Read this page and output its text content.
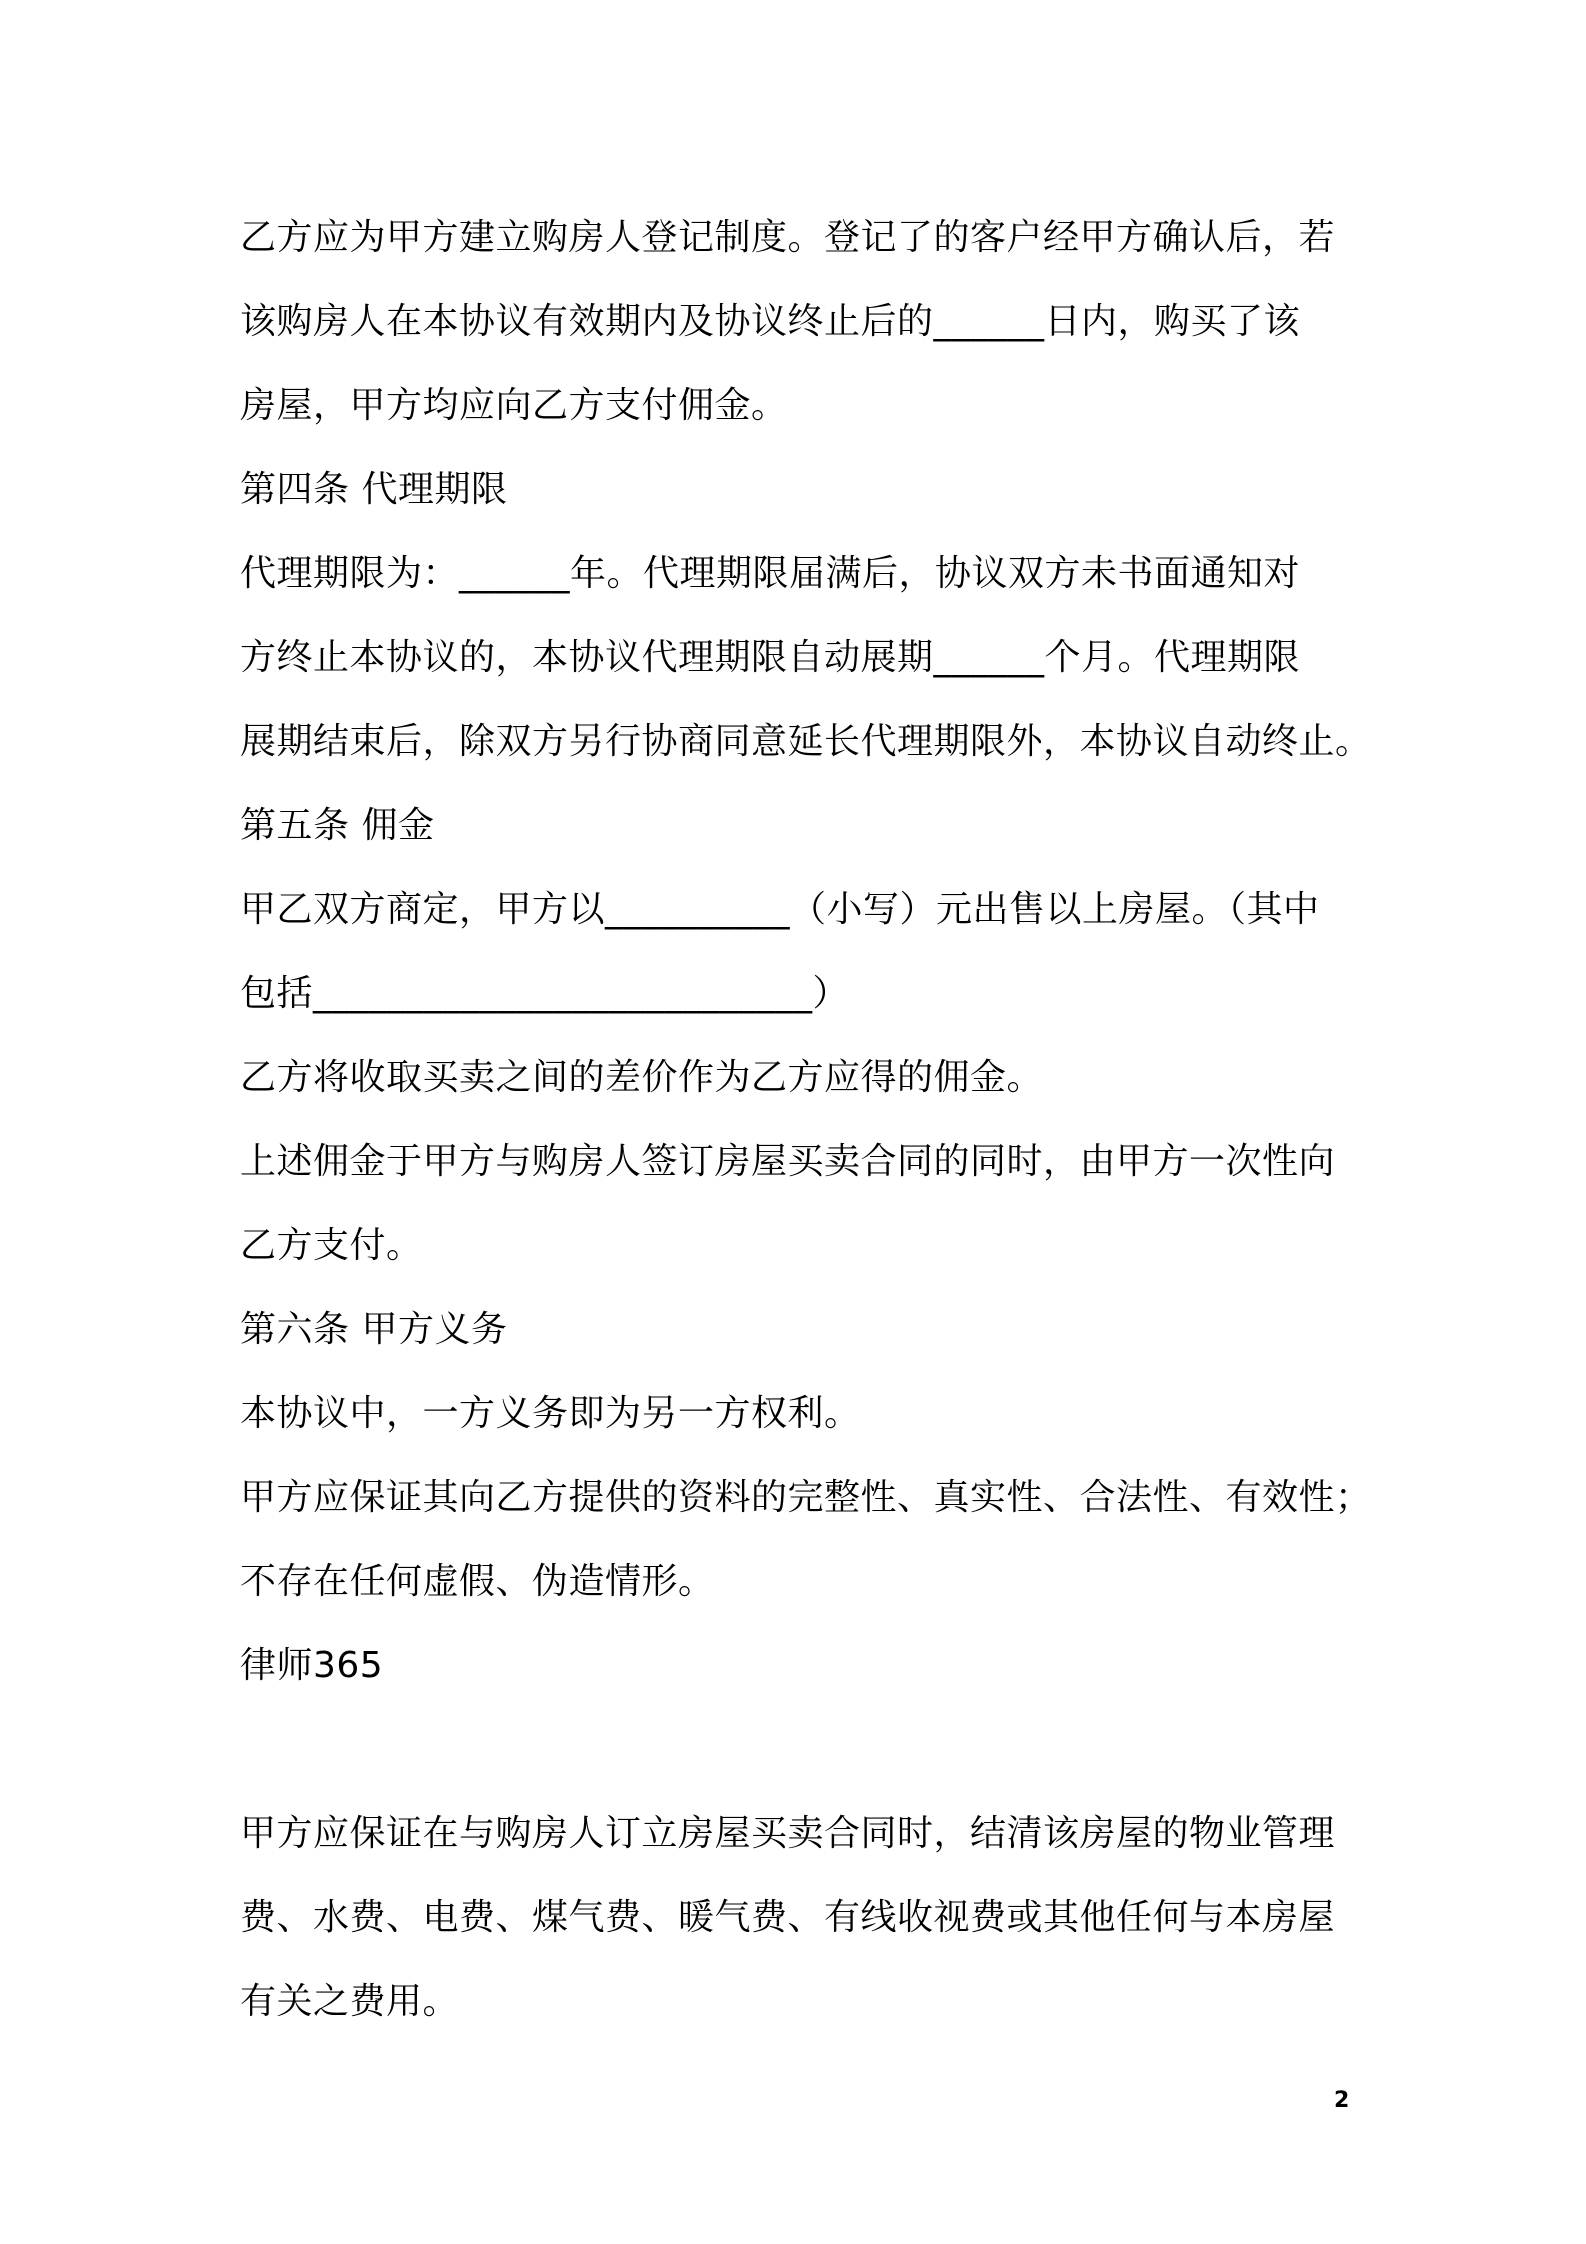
乙方应为甲方建立购房人登记制度。登记了的客户经甲方确认后，若
该购房人在本协议有效期内及协议终止后的______日内，购买了该
房屋，甲方均应向乙方支付佣金。
第四条 代理期限
代理期限为：______年。代理期限届满后，协议双方未书面通知对
方终止本协议的，本协议代理期限自动展期______个月。代理期限
展期结束后，除双方另行协商同意延长代理期限外，本协议自动终止。
第五条 佣金
甲乙双方商定，甲方以__________（小写）元出售以上房屋。（其中
包括___________________________）
乙方将收取买卖之间的差价作为乙方应得的佣金。
上述佣金于甲方与购房人签订房屋买卖合同的同时，由甲方一次性向
乙方支付。
第六条 甲方义务
本协议中，一方义务即为另一方权利。
甲方应保证其向乙方提供的资料的完整性、真实性、合法性、有效性；
不存在任何虚假、伪造情形。
律师365
甲方应保证在与购房人订立房屋买卖合同时，结清该房屋的物业管理
费、水费、电费、煤气费、暖气费、有线收视费或其他任何与本房屋
有关之费用。
2
